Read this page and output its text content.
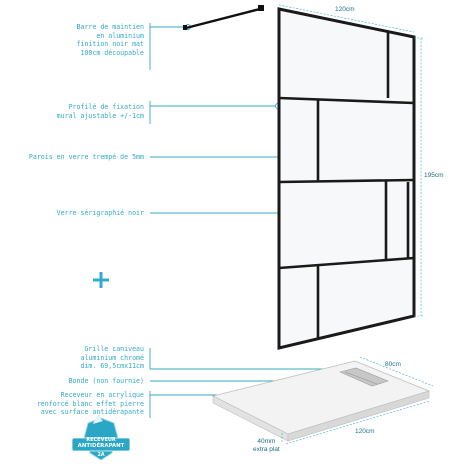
Barre de maintien
en aluminium
finition noir mat
100cm découpable
Profilé de fixation
mural ajustable +/-1cm
Parois en verre trempé de 5mm
Verre sérigraphié noir
Grille caniveau
aluminium chromé
dim. 69,5cmx11cm
Bonde (non fournie)
Receveur en acrylique
renforcé blanc effet pierre
avec surface antidérapante
120cm
195cm
80cm
120cm
40mm
extra plat
RECEVEUR
ANTIDÉRAPANT
2A
